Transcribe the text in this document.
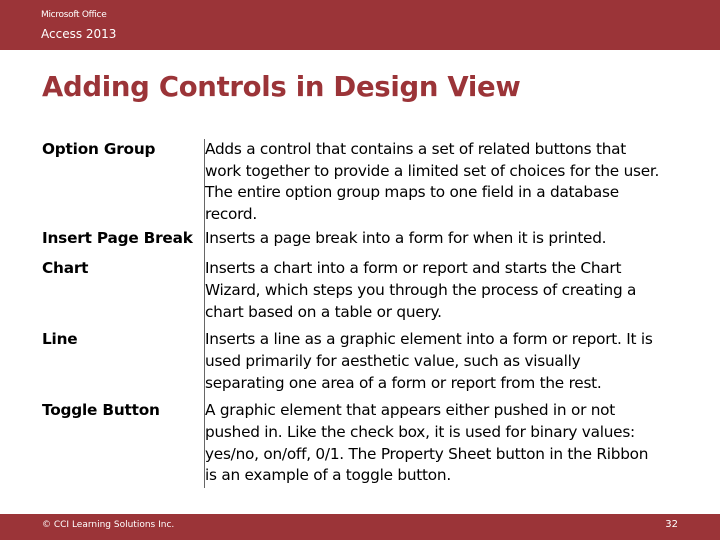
Microsoft Office
Access 2013
Adding Controls in Design View
Option Group	Adds a control that contains a set of related buttons that work together to provide a limited set of choices for the user. The entire option group maps to one field in a database record.
Insert Page Break	Inserts a page break into a form for when it is printed.
Chart	Inserts a chart into a form or report and starts the Chart Wizard, which steps you through the process of creating a chart based on a table or query.
Line	Inserts a line as a graphic element into a form or report. It is used primarily for aesthetic value, such as visually separating one area of a form or report from the rest.
Toggle Button	A graphic element that appears either pushed in or not pushed in. Like the check box, it is used for binary values: yes/no, on/off, 0/1. The Property Sheet button in the Ribbon is an example of a toggle button.
© CCI Learning Solutions Inc.	32
